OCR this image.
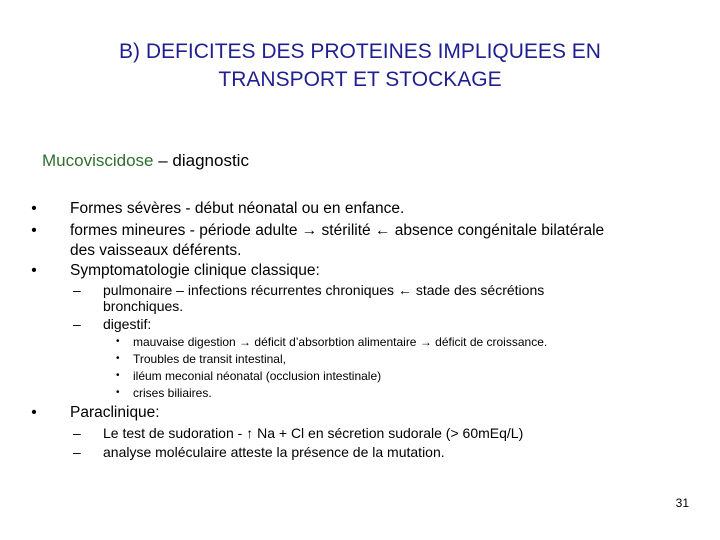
B) DEFICITES DES PROTEINES IMPLIQUEES EN
TRANSPORT ET STOCKAGE
Mucoviscidose – diagnostic
• Formes sévères - début néonatal ou en enfance.
• formes mineures - période adulte → stérilité ← absence congénitale bilatérale des vaisseaux déférents.
• Symptomatologie clinique classique:
– pulmonaire – infections récurrentes chroniques ← stade des sécrétions bronchiques.
– digestif:
• mauvaise digestion → déficit d’absorbtion alimentaire → déficit de croissance.
• Troubles de transit intestinal,
• iléum meconial néonatal (occlusion intestinale)
• crises biliaires.
• Paraclinique:
– Le test de sudoration - ↑ Na + Cl en sécretion sudorale (> 60mEq/L)
– analyse moléculaire atteste la présence de la mutation.
31
